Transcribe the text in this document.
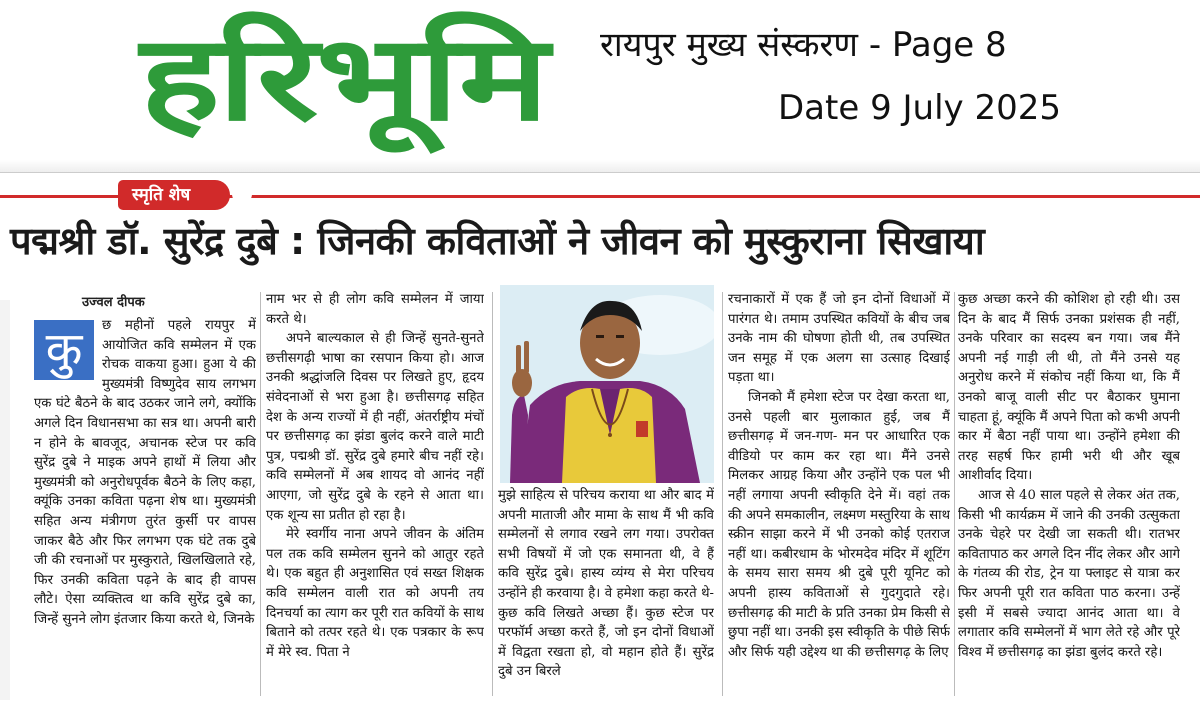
हरिभूमि रायपुर मुख्य संस्करण - Page 8
Date 9 July 2025
स्मृति शेष
पद्मश्री डॉ. सुरेंद्र दुबे : जिनकी कविताओं ने जीवन को मुस्कुराना सिखाया
उज्वल दीपक
कु	छ महीनों पहले रायपुर में आयोजित कवि सम्मेलन में एक रोचक वाकया हुआ। हुआ ये की मुख्यमंत्री विष्णुदेव साय लगभग एक घंटे बैठने के बाद उठकर जाने लगे, क्योंकि अगले दिन विधानसभा का सत्र था। अपनी बारी न होने के बावजूद, अचानक स्टेज पर कवि सुरेंद्र दुबे ने माइक अपने हाथों में लिया और मुख्यमंत्री को अनुरोधपूर्वक बैठने के लिए कहा, क्यूंकि उनका कविता पढ़ना शेष था। मुख्यमंत्री सहित अन्य मंत्रीगण तुरंत कुर्सी पर वापस जाकर बैठे और फिर लगभग एक घंटे तक दुबे जी की रचनाओं पर मुस्कुराते, खिलखिलाते रहे, फिर उनकी कविता पढ़ने के बाद ही वापस लौटे। ऐसा व्यक्तित्व था कवि सुरेंद्र दुबे का, जिन्हें सुनने लोग इंतजार किया करते थे, जिनके

नाम भर से ही लोग कवि सम्मेलन में जाया करते थे।

अपने बाल्यकाल से ही जिन्हें सुनते-सुनते छत्तीसगढ़ी भाषा का रसपान किया हो। आज उनकी श्रद्धांजलि दिवस पर लिखते हुए, हृदय संवेदनाओं से भरा हुआ है। छत्तीसगढ़ सहित देश के अन्य राज्यों में ही नहीं, अंतर्राष्ट्रीय मंचों पर छत्तीसगढ़ का झंडा बुलंद करने वाले माटी पुत्र, पद्मश्री डॉ. सुरेंद्र दुबे हमारे बीच नहीं रहे। कवि सम्मेलनों में अब शायद वो आनंद नहीं आएगा, जो सुरेंद्र दुबे के रहने से आता था। एक शून्य सा प्रतीत हो रहा है।

मेरे स्वर्गीय नाना अपने जीवन के अंतिम पल तक कवि सम्मेलन सुनने को आतुर रहते थे। एक बहुत ही अनुशासित एवं सख्त शिक्षक कवि सम्मेलन वाली रात को अपनी तय दिनचर्या का त्याग कर पूरी रात कवियों के साथ बिताने को तत्पर रहते थे। एक पत्रकार के रूप में मेरे स्व. पिता ने

मुझे साहित्य से परिचय कराया था और बाद में अपनी माताजी और मामा के साथ मैं भी कवि सम्मेलनों से लगाव रखने लग गया। उपरोक्त सभी विषयों में जो एक समानता थी, वे हैं कवि सुरेंद्र दुबे। हास्य व्यंग्य से मेरा परिचय उन्होंने ही करवाया है। वे हमेशा कहा करते थे- कुछ कवि लिखते अच्छा हैं। कुछ स्टेज पर परफॉर्म अच्छा करते हैं, जो इन दोनों विधाओं में विद्वता रखता हो, वो महान होते हैं। सुरेंद्र दुबे उन बिरले

रचनाकारों में एक हैं जो इन दोनों विधाओं में पारंगत थे। तमाम उपस्थित कवियों के बीच जब उनके नाम की घोषणा होती थी, तब उपस्थित जन समूह में एक अलग सा उत्साह दिखाई पड़ता था।

जिनको मैं हमेशा स्टेज पर देखा करता था, उनसे पहली बार मुलाकात हुई, जब मैं छत्तीसगढ़ में जन-गण- मन पर आधारित एक वीडियो पर काम कर रहा था। मैंने उनसे मिलकर आग्रह किया और उन्होंने एक पल भी नहीं लगाया अपनी स्वीकृति देने में। वहां तक की अपने समकालीन, लक्ष्मण मस्तुरिया के साथ स्क्रीन साझा करने में भी उनको कोई एतराज नहीं था। कबीरधाम के भोरमदेव मंदिर में शूटिंग के समय सारा समय श्री दुबे पूरी यूनिट को अपनी हास्य कविताओं से गुदगुदाते रहे। छत्तीसगढ़ की माटी के प्रति उनका प्रेम किसी से छुपा नहीं था। उनकी इस स्वीकृति के पीछे सिर्फ और सिर्फ यही उद्देश्य था की छत्तीसगढ़ के लिए

कुछ अच्छा करने की कोशिश हो रही थी। उस दिन के बाद मैं सिर्फ उनका प्रशंसक ही नहीं, उनके परिवार का सदस्य बन गया। जब मैंने अपनी नई गाड़ी ली थी, तो मैंने उनसे यह अनुरोध करने में संकोच नहीं किया था, कि मैं उनको बाजू वाली सीट पर बैठाकर घुमाना चाहता हूं, क्यूंकि मैं अपने पिता को कभी अपनी कार में बैठा नहीं पाया था। उन्होंने हमेशा की तरह सहर्ष फिर हामी भरी थी और खूब आशीर्वाद दिया।

आज से 40 साल पहले से लेकर अंत तक, किसी भी कार्यक्रम में जाने की उनकी उत्सुकता उनके चेहरे पर देखी जा सकती थी। रातभर कवितापाठ कर अगले दिन नींद लेकर और आगे के गंतव्य की रोड, ट्रेन या फ्लाइट से यात्रा कर फिर अपनी पूरी रात कविता पाठ करना। उन्हें इसी में सबसे ज्यादा आनंद आता था। वे लगातार कवि सम्मेलनों में भाग लेते रहे और पूरे विश्व में छत्तीसगढ़ का झंडा बुलंद करते रहे।
